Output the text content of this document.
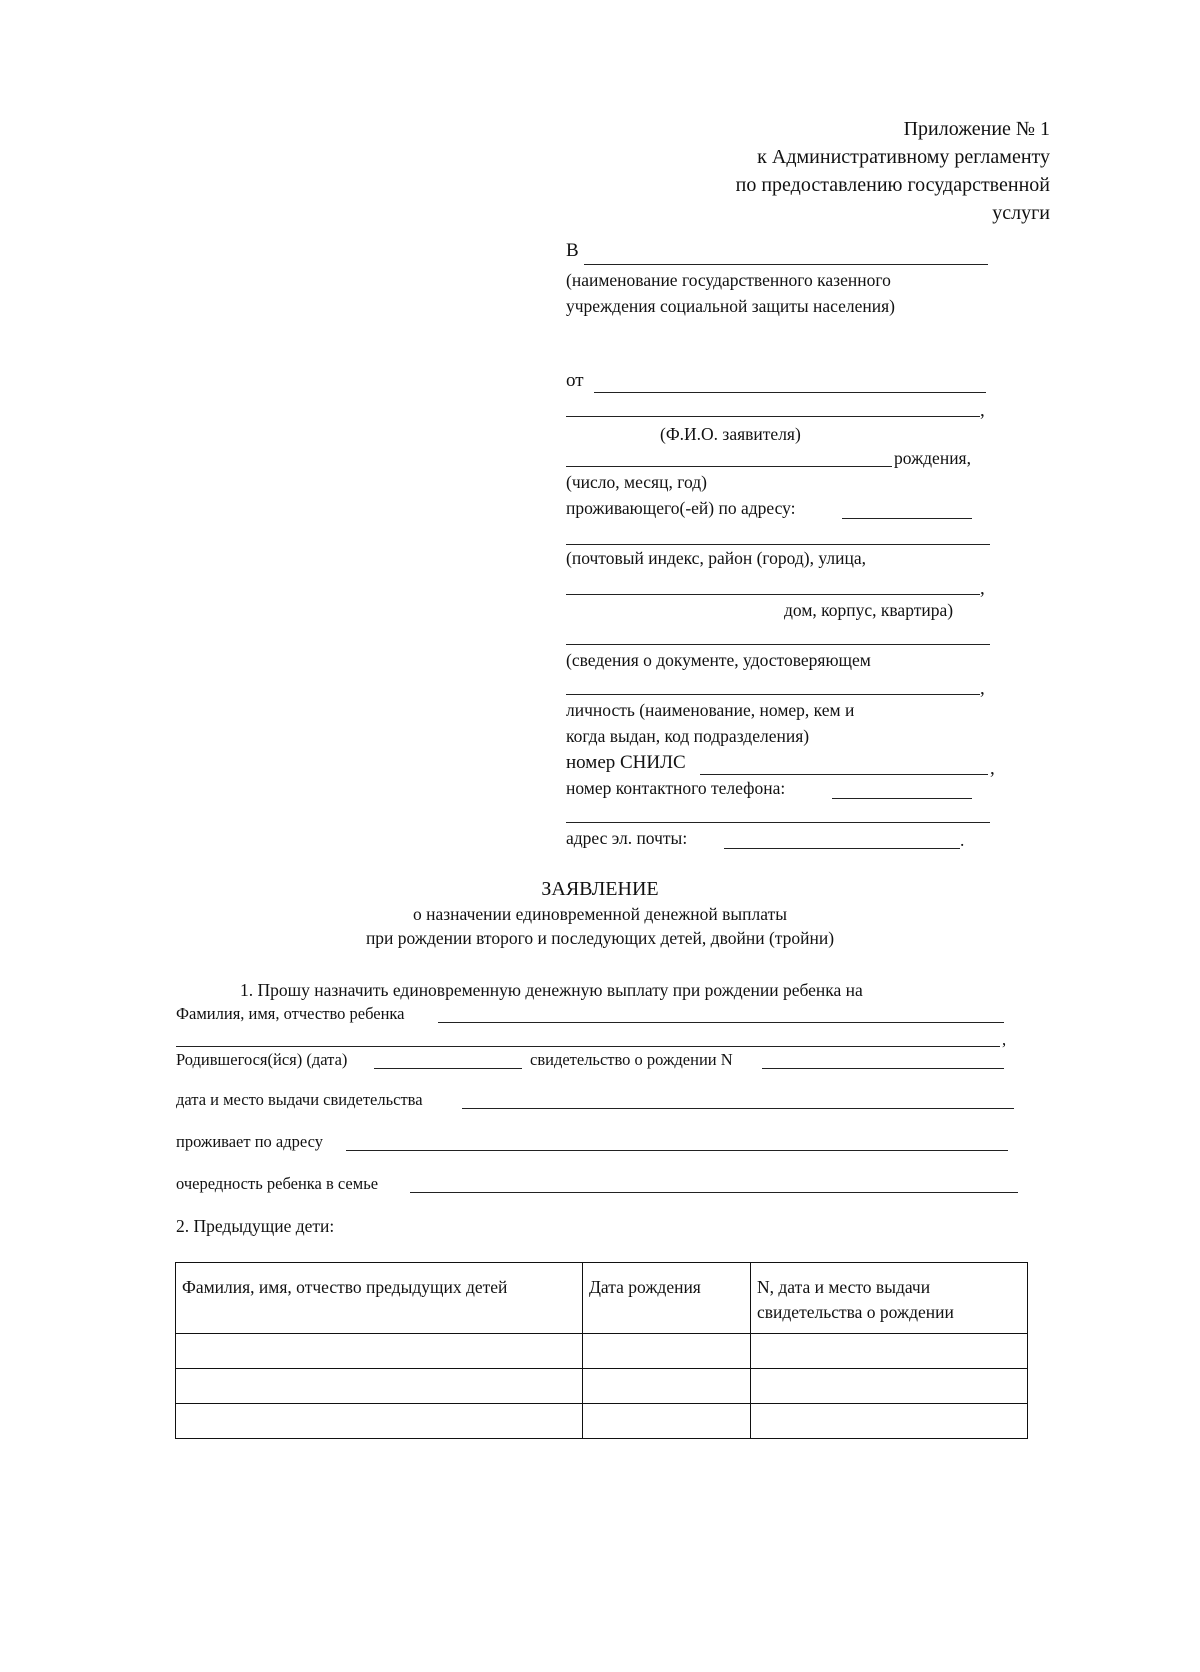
Приложение № 1
к Административному регламенту
по предоставлению государственной
услуги
В
(наименование государственного казенного
учреждения социальной защиты населения)
от
,
(Ф.И.О. заявителя)
рождения,
(число, месяц, год)
проживающего(-ей) по адресу:
(почтовый индекс, район (город), улица,
,
дом, корпус, квартира)
(сведения о документе, удостоверяющем
,
личность (наименование, номер, кем и
когда выдан, код подразделения)
номер СНИЛС	,
номер контактного телефона:
адрес эл. почты:	.
ЗАЯВЛЕНИЕ
о назначении единовременной денежной выплаты
при рождении второго и последующих детей, двойни (тройни)
1. Прошу назначить единовременную денежную выплату при рождении ребенка на
Фамилия, имя, отчество ребенка
,
Родившегося(йся) (дата)	свидетельство о рождении N
дата и место выдачи свидетельства
проживает по адресу
очередность ребенка в семье
2. Предыдущие дети:
Фамилия, имя, отчество предыдущих детей	Дата рождения	N, дата и место выдачи свидетельства о рождении
